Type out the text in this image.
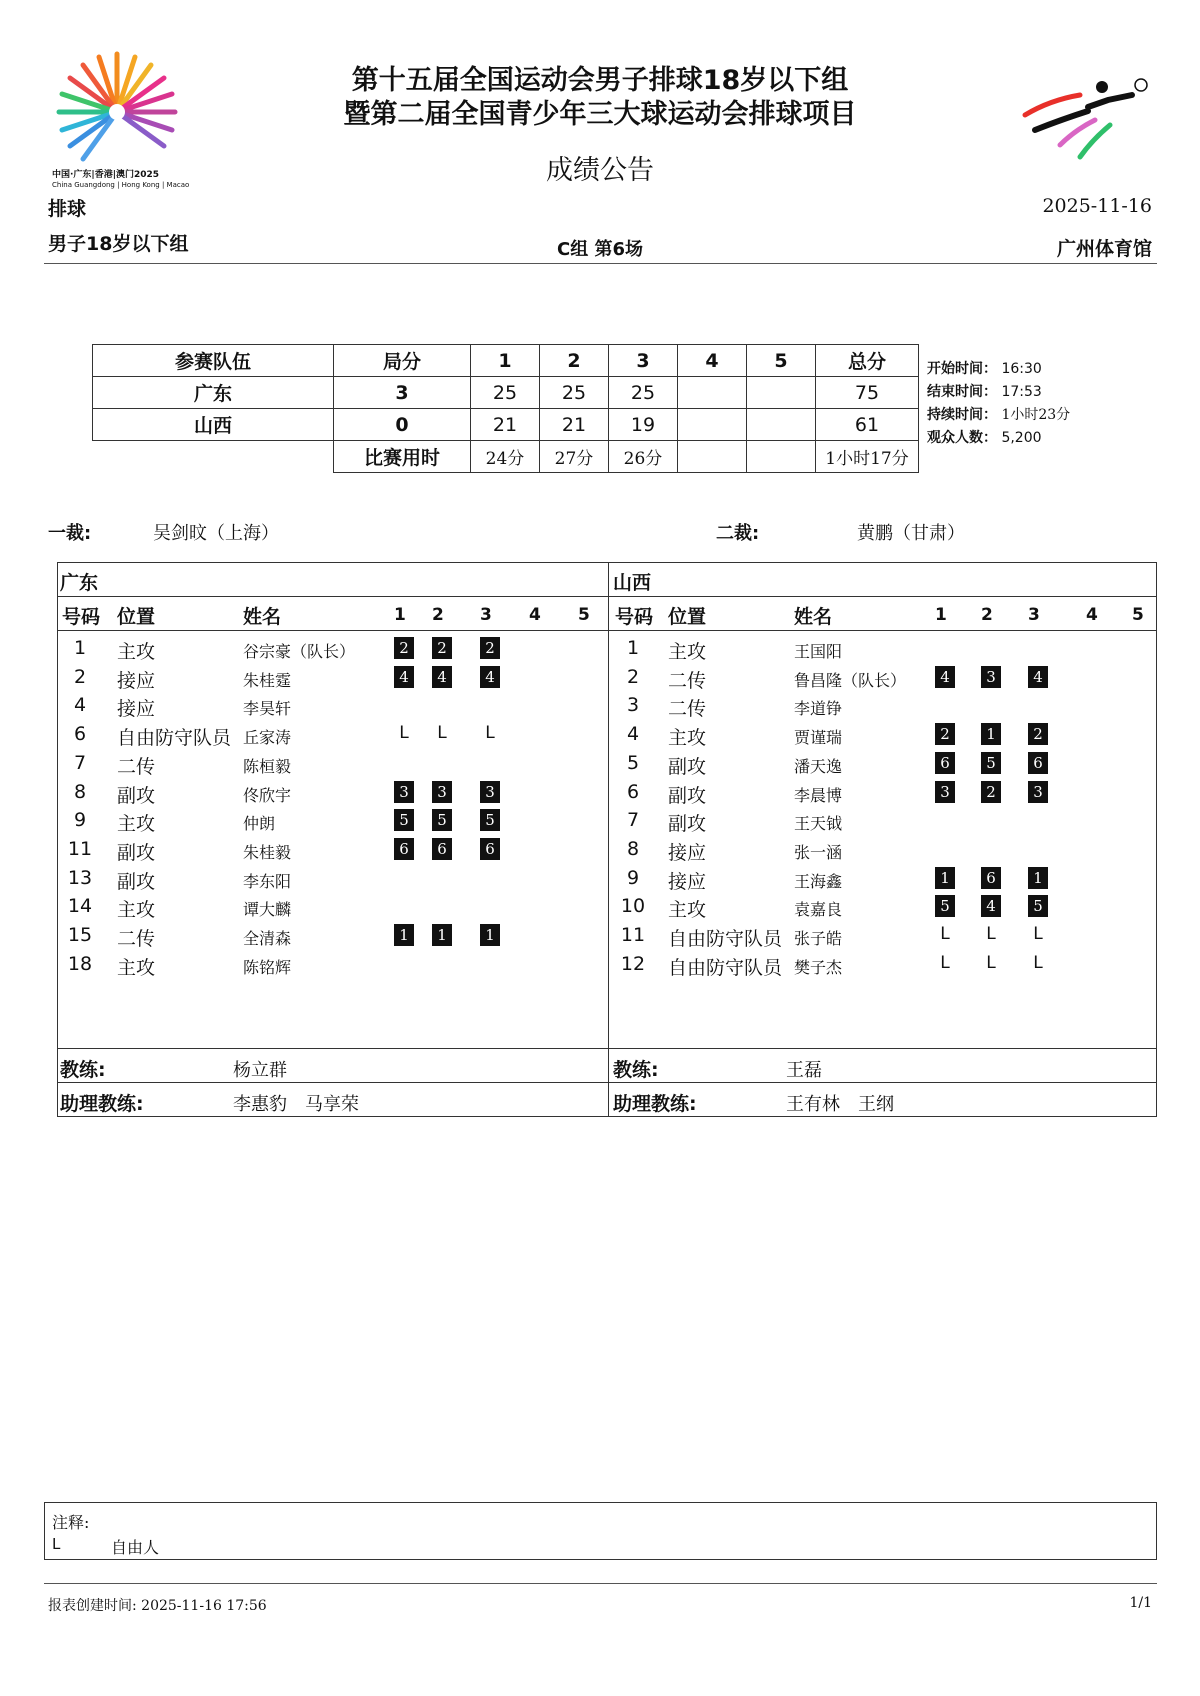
中国·广东|香港|澳门2025
China Guangdong | Hong Kong | Macao
第十五届全国运动会男子排球18岁以下组
暨第二届全国青少年三大球运动会排球项目
成绩公告
排球	2025-11-16
男子18岁以下组	C组 第6场	广州体育馆
参赛队伍	局分	1	2	3	4	5	总分
广东	3	25	25	25			75
山西	0	21	21	19			61
	比赛用时	24分	27分	26分			1小时17分
开始时间： 16:30
结束时间： 17:53
持续时间： 1小时23分
观众人数： 5,200
一裁:	吴剑旼（上海）	二裁:	黄鹏（甘肃）
广东	山西
号码 位置	姓名	1 2 3 4 5 号码 位置	姓名	1 2 3	4 5
1	主攻	谷宗豪（队长）	2	2	2
2	接应	朱桂霆	4	4	4
4	接应	李昊轩
6	自由防守队员 丘家涛	L	L	L
7	二传	陈桓毅
8	副攻	佟欣宇	3	3	3
9	主攻	仲朗	5	5	5
11	副攻	朱桂毅	6	6	6
13	副攻	李东阳
14	主攻	谭大麟
15	二传	全清森	1	1	1
18	主攻	陈铭辉
1	主攻	王国阳
2	二传	鲁昌隆（队长）	4	3	4
3	二传	李道铮
4	主攻	贾谨瑞	2	1	2
5	副攻	潘天逸	6	5	6
6	副攻	李晨博	3	2	3
7	副攻	王天钺
8	接应	张一涵
9	接应	王海鑫	1	6	1
10	主攻	袁嘉良	5	4	5
11	自由防守队员 张子皓	L	L	L
12	自由防守队员 樊子杰	L	L	L
教练:	杨立群
助理教练:	李惠豹　马享荣
教练:	王磊
助理教练:	王有林　王纲
注释:
L	自由人
报表创建时间: 2025-11-16 17:56	1/1
